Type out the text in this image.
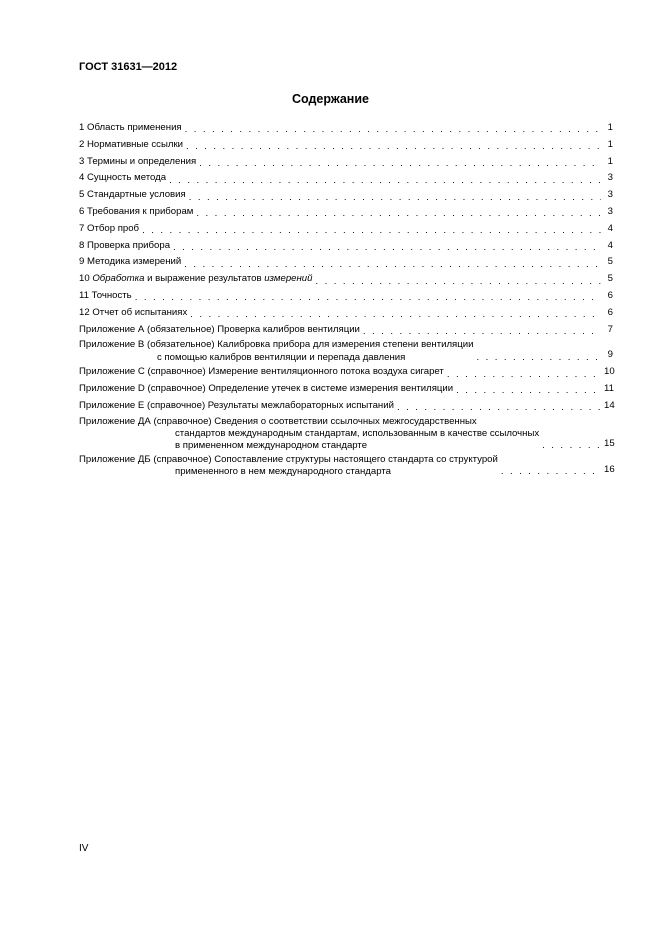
ГОСТ 31631—2012
Содержание
1 Область применения . . .	1
2 Нормативные ссылки . . .	1
3 Термины и определения . . .	1
4 Сущность метода . . .	3
5 Стандартные условия . . .	3
6 Требования к приборам . . .	3
7 Отбор проб . . .	4
8 Проверка прибора . . .	4
9 Методика измерений . . .	5
10 Обработка и выражение результатов измерений . . .	5
11 Точность . . .	6
12 Отчет об испытаниях . . .	6
Приложение А (обязательное) Проверка калибров вентиляции . . .	7
Приложение В (обязательное) Калибровка прибора для измерения степени вентиляции
с помощью калибров вентиляции и перепада давления . . .	9
Приложение С (справочное) Измерение вентиляционного потока воздуха сигарет . . .	10
Приложение D (справочное) Определение утечек в системе измерения вентиляции . . .	11
Приложение Е (справочное) Результаты межлабораторных испытаний . . .	14
Приложение ДА (справочное) Сведения о соответствии ссылочных межгосударственных
стандартов международным стандартам, использованным в качестве ссылочных
в примененном международном стандарте . . .	15
Приложение ДБ (справочное) Сопоставление структуры настоящего стандарта со структурой
примененного в нем международного стандарта . . .	16
IV
